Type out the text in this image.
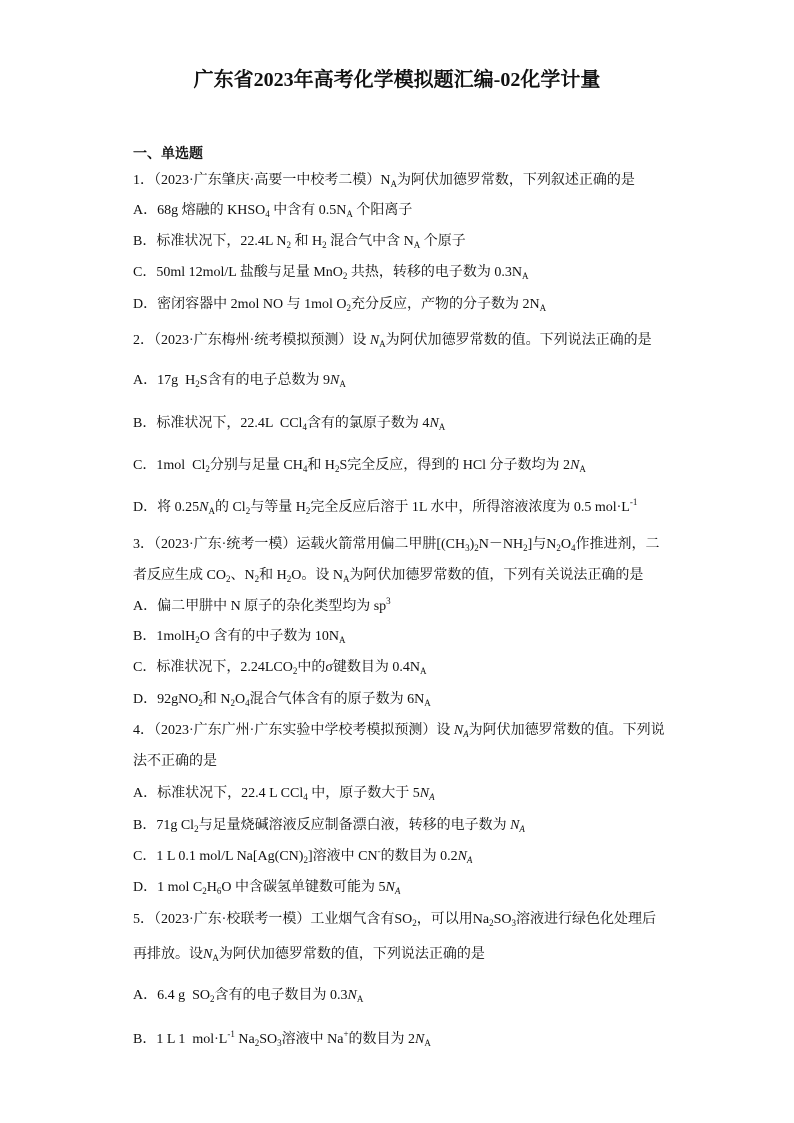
广东省2023年高考化学模拟题汇编-02化学计量
一、单选题
1．（2023·广东肇庆·高要一中校考二模）$N_A$为阿伏加德罗常数，下列叙述正确的是
A．68g 熔融的 $KHSO_4$ 中含有 $0.5N_A$ 个阳离子
B．标准状况下，22.4L $N_2$ 和 $H_2$ 混合气中含 $N_A$ 个原子
C．50ml 12mol/L 盐酸与足量 MnO$_2$ 共热，转移的电子数为 $0.3N_A$
D．密闭容器中 2mol NO 与 1mol $O_2$充分反应，产物的分子数为 $2N_A$
2．（2023·广东梅州·统考模拟预测）设 $N_A$为阿伏加德罗常数的值。下列说法正确的是
A．17g  $H_2S$含有的电子总数为 $9N_A$
B．标准状况下，22.4L  CCl$_4$含有的氯原子数为 $4N_A$
C．1mol  $Cl_2$分别与足量 $CH_4$和 $H_2S$完全反应，得到的 HCl 分子数均为 $2N_A$
D．将 $0.25N_A$的 $Cl_2$与等量 $H_2$完全反应后溶于 1L 水中，所得溶液浓度为 0.5 $mol\cdot L^{-1}$
3．（2023·广东·统考一模）运载火箭常用偏二甲肼$[(CH_3)_2N-NH_2]$与$N_2O_4$作推进剂，二
者反应生成 $CO_2$、$N_2$和 $H_2O$。设 $N_A$为阿伏加德罗常数的值，下列有关说法正确的是
A．偏二甲肼中 N 原子的杂化类型均为 $sp^3$
B．1molH$_2$O 含有的中子数为 $10N_A$
C．标准状况下，$2.24LCO_2$中的σ键数目为 $0.4N_A$
D．92gNO$_2$和 $N_2O_4$混合气体含有的原子数为 $6N_A$
4．（2023·广东广州·广东实验中学校考模拟预测）设 $N_A$为阿伏加德罗常数的值。下列说
法不正确的是
A．标准状况下，22.4 L CCl$_4$ 中，原子数大于 $5N_A$
B．71g $Cl_2$与足量烧碱溶液反应制备漂白液，转移的电子数为 $N_A$
C．1 L 0.1 mol/L $Na[Ag(CN)_2]$溶液中 CN-的数目为 $0.2N_A$
D．1 mol $C_2H_6O$ 中含碳氢单键数可能为 $5N_A$
5．（2023·广东·校联考一模）工业烟气含有$SO_2$，可以用$Na_2SO_3$溶液进行绿色化处理后
再排放。设$N_A$为阿伏加德罗常数的值，下列说法正确的是
A．6.4 g  $SO_2$含有的电子数目为 $0.3N_A$
B．1 L 1  $mol\cdot L^{-1}$ $Na_2SO_3$溶液中 Na+的数目为 $2N_A$
